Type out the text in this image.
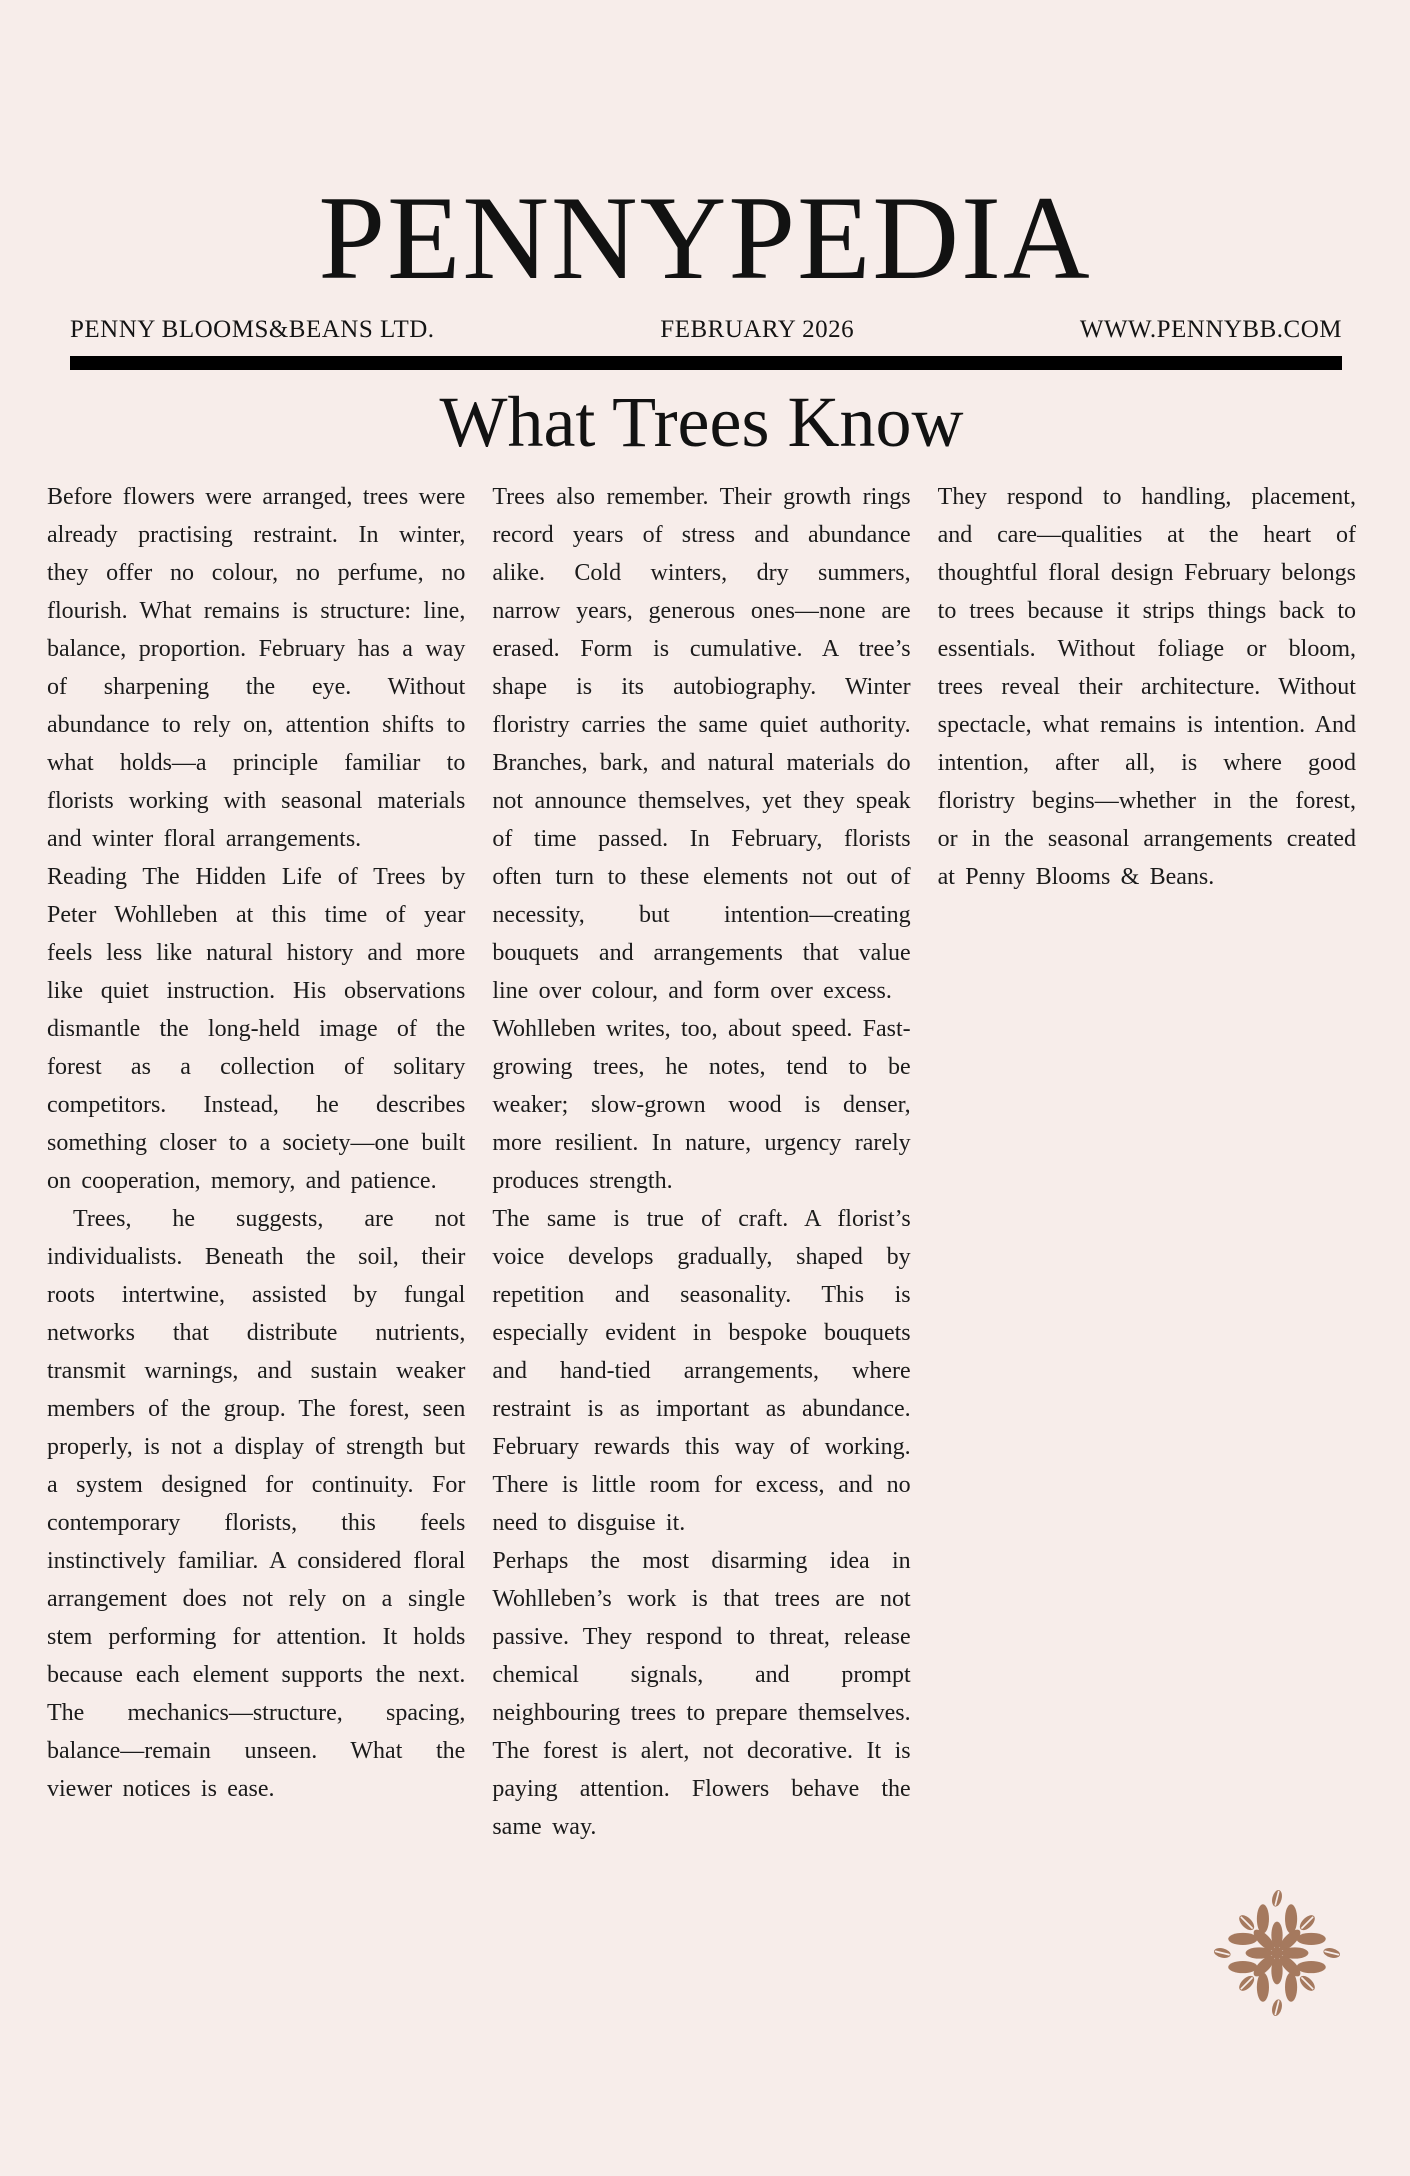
PENNYPEDIA
PENNY BLOOMS&BEANS LTD.	FEBRUARY 2026	WWW.PENNYBB.COM
What Trees Know

Before flowers were arranged, trees were already practising restraint. In winter, they offer no colour, no perfume, no flourish. What remains is structure: line, balance, proportion. February has a way of sharpening the eye. Without abundance to rely on, attention shifts to what holds—a principle familiar to florists working with seasonal materials and winter floral arrangements.

Reading The Hidden Life of Trees by Peter Wohlleben at this time of year feels less like natural history and more like quiet instruction. His observations dismantle the long-held image of the forest as a collection of solitary competitors. Instead, he describes something closer to a society—one built on cooperation, memory, and patience.

Trees, he suggests, are not individualists. Beneath the soil, their roots intertwine, assisted by fungal networks that distribute nutrients, transmit warnings, and sustain weaker members of the group. The forest, seen properly, is not a display of strength but a system designed for continuity. For contemporary florists, this feels instinctively familiar. A considered floral arrangement does not rely on a single stem performing for attention. It holds because each element supports the next. The mechanics—structure, spacing, balance—remain unseen. What the viewer notices is ease.

Trees also remember. Their growth rings record years of stress and abundance alike. Cold winters, dry summers, narrow years, generous ones—none are erased. Form is cumulative. A tree’s shape is its autobiography. Winter floristry carries the same quiet authority. Branches, bark, and natural materials do not announce themselves, yet they speak of time passed. In February, florists often turn to these elements not out of necessity, but intention—creating bouquets and arrangements that value line over colour, and form over excess.

Wohlleben writes, too, about speed. Fast-growing trees, he notes, tend to be weaker; slow-grown wood is denser, more resilient. In nature, urgency rarely produces strength.

The same is true of craft. A florist’s voice develops gradually, shaped by repetition and seasonality. This is especially evident in bespoke bouquets and hand-tied arrangements, where restraint is as important as abundance. February rewards this way of working. There is little room for excess, and no need to disguise it.

Perhaps the most disarming idea in Wohlleben’s work is that trees are not passive. They respond to threat, release chemical signals, and prompt neighbouring trees to prepare themselves. The forest is alert, not decorative. It is paying attention. Flowers behave the same way.

They respond to handling, placement, and care—qualities at the heart of thoughtful floral design February belongs to trees because it strips things back to essentials. Without foliage or bloom, trees reveal their architecture. Without spectacle, what remains is intention. And intention, after all, is where good floristry begins—whether in the forest, or in the seasonal arrangements created at Penny Blooms & Beans.
